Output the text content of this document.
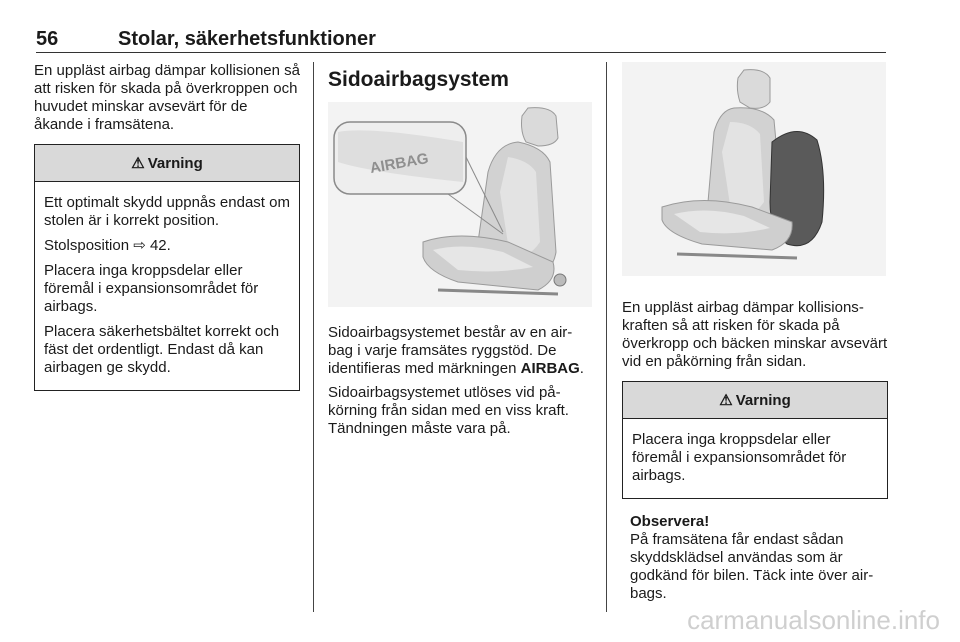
56	Stolar, säkerhetsfunktioner

En uppläst airbag dämpar kollisionen så att risken för skada på överkroppen och huvudet minskar avsevärt för de åkande i framsätena.

⚠ Varning

Ett optimalt skydd uppnås endast om stolen är i korrekt position.

Stolsposition ⇨ 42.

Placera inga kroppsdelar eller föremål i expansionsområdet för airbags.

Placera säkerhetsbältet korrekt och fäst det ordentligt. Endast då kan airbagen ge skydd.

Sidoairbagsystem
AIRBAG

Sidoairbagsystemet består av en airbag i varje framsätes ryggstöd. De identifieras med märkningen AIRBAG.

Sidoairbagsystemet utlöses vid påkörning från sidan med en viss kraft. Tändningen måste vara på.

En uppläst airbag dämpar kollisionskraften så att risken för skada på överkropp och bäcken minskar avsevärt vid en påkörning från sidan.

⚠ Varning

Placera inga kroppsdelar eller föremål i expansionsområdet för airbags.

Observera!

På framsätena får endast sådan skyddsklädsel användas som är godkänd för bilen. Täck inte över airbags.

carmanualsonline.info
